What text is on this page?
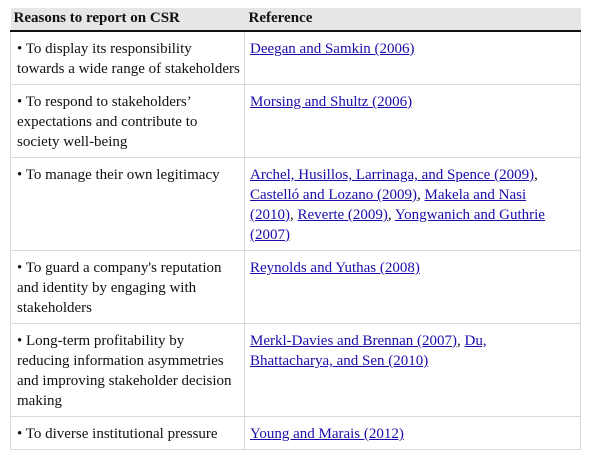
Reasons to report on CSR	Reference
• To display its responsibility towards a wide range of stakeholders	Deegan and Samkin (2006)
• To respond to stakeholders’ expectations and contribute to society well-being	Morsing and Shultz (2006)
• To manage their own legitimacy	Archel, Husillos, Larrinaga, and Spence (2009), Castelló and Lozano (2009), Makela and Nasi (2010), Reverte (2009), Yongwanich and Guthrie (2007)
• To guard a company's reputation and identity by engaging with stakeholders	Reynolds and Yuthas (2008)
• Long-term profitability by reducing information asymmetries and improving stakeholder decision making	Merkl-Davies and Brennan (2007), Du, Bhattacharya, and Sen (2010)
• To diverse institutional pressure	Young and Marais (2012)
